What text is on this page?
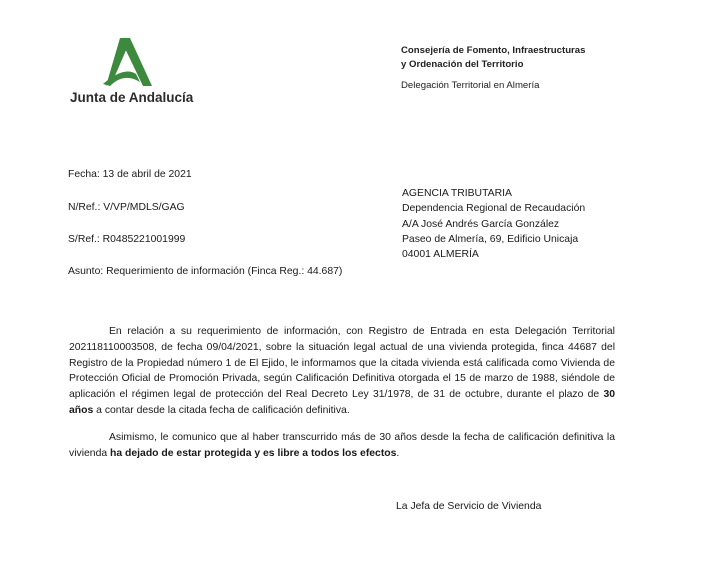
Junta de Andalucía
Consejería de Fomento, Infraestructuras
y Ordenación del Territorio
Delegación Territorial en Almería
Fecha: 13 de abril de 2021
N/Ref.: V/VP/MDLS/GAG
S/Ref.: R0485221001999
Asunto: Requerimiento de información (Finca Reg.: 44.687)
AGENCIA TRIBUTARIA
Dependencia Regional de Recaudación
A/A José Andrés García González
Paseo de Almería, 69, Edificio Unicaja
04001 ALMERÍA
En relación a su requerimiento de información, con Registro de Entrada en esta Delegación Territorial 202118110003508, de fecha 09/04/2021, sobre la situación legal actual de una vivienda protegida, finca 44687 del Registro de la Propiedad número 1 de El Ejido, le informamos que la citada vivienda está calificada como Vivienda de Protección Oficial de Promoción Privada, según Calificación Definitiva otorgada el 15 de marzo de 1988, siéndole de aplicación el régimen legal de protección del Real Decreto Ley 31/1978, de 31 de octubre, durante el plazo de 30 años a contar desde la citada fecha de calificación definitiva.
Asimismo, le comunico que al haber transcurrido más de 30 años desde la fecha de calificación definitiva la vivienda ha dejado de estar protegida y es libre a todos los efectos.
La Jefa de Servicio de Vivienda
